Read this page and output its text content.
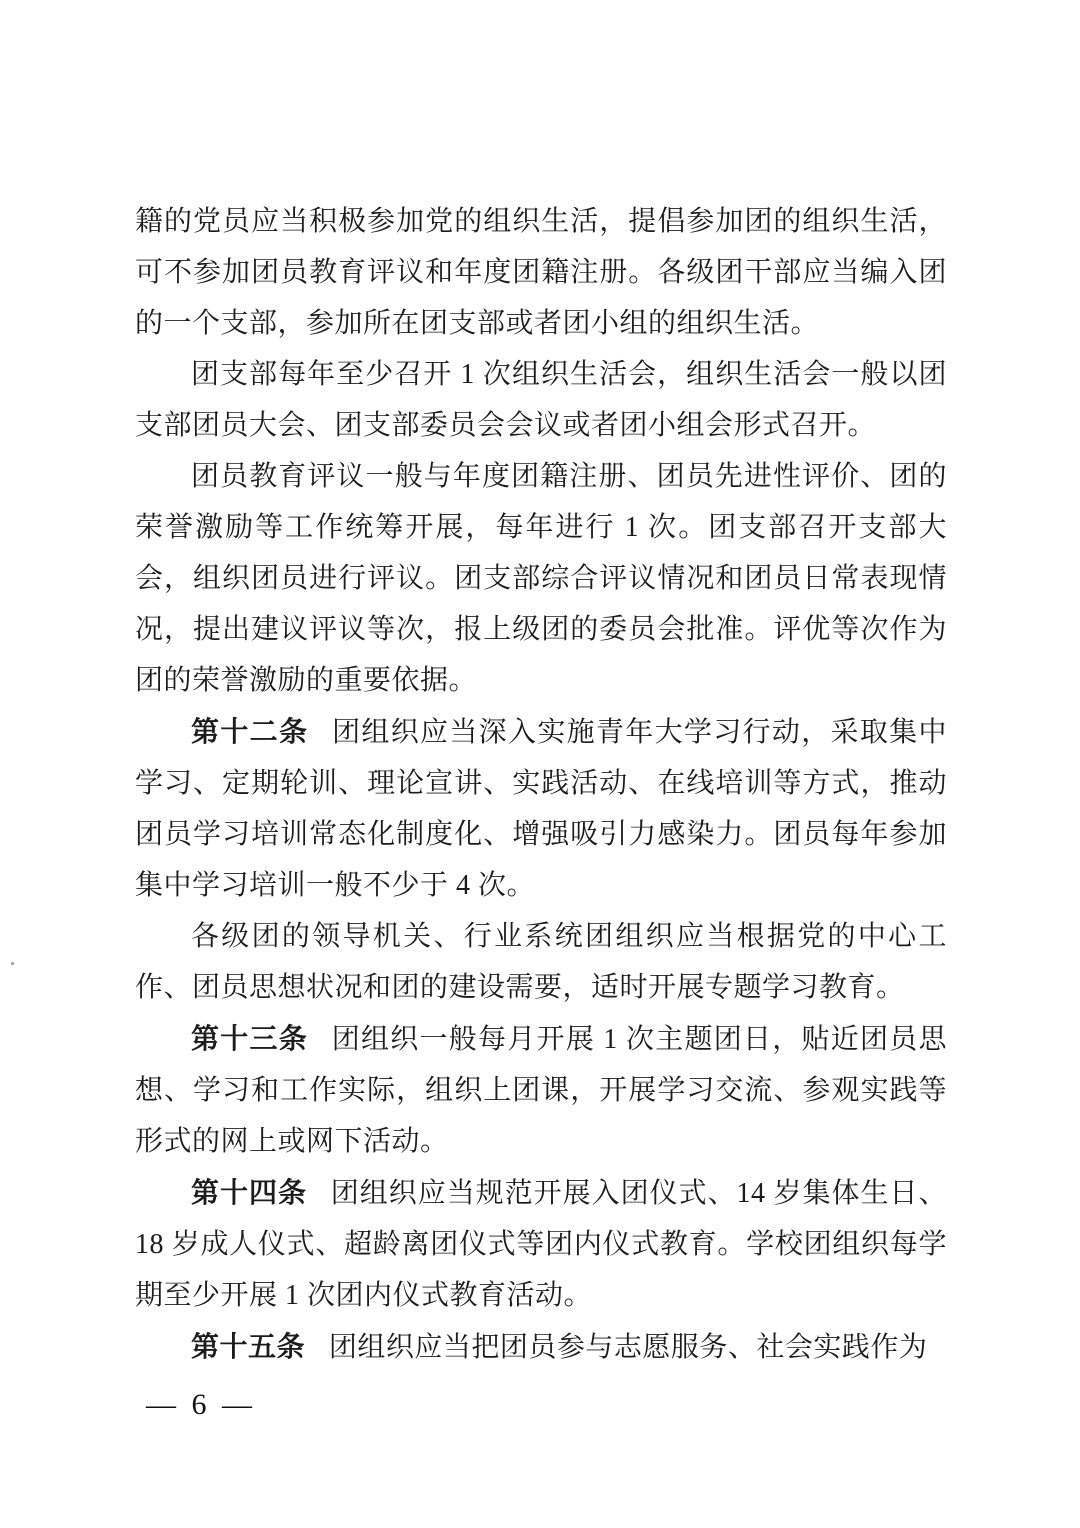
籍的党员应当积极参加党的组织生活，提倡参加团的组织生活，可不参加团员教育评议和年度团籍注册。各级团干部应当编入团的一个支部，参加所在团支部或者团小组的组织生活。

团支部每年至少召开 1 次组织生活会，组织生活会一般以团支部团员大会、团支部委员会会议或者团小组会形式召开。

团员教育评议一般与年度团籍注册、团员先进性评价、团的荣誉激励等工作统筹开展，每年进行 1 次。团支部召开支部大会，组织团员进行评议。团支部综合评议情况和团员日常表现情况，提出建议评议等次，报上级团的委员会批准。评优等次作为团的荣誉激励的重要依据。

第十二条 团组织应当深入实施青年大学习行动，采取集中学习、定期轮训、理论宣讲、实践活动、在线培训等方式，推动团员学习培训常态化制度化、增强吸引力感染力。团员每年参加集中学习培训一般不少于 4 次。

各级团的领导机关、行业系统团组织应当根据党的中心工作、团员思想状况和团的建设需要，适时开展专题学习教育。

第十三条 团组织一般每月开展 1 次主题团日，贴近团员思想、学习和工作实际，组织上团课，开展学习交流、参观实践等形式的网上或网下活动。

第十四条 团组织应当规范开展入团仪式、14 岁集体生日、18 岁成人仪式、超龄离团仪式等团内仪式教育。学校团组织每学期至少开展 1 次团内仪式教育活动。

第十五条 团组织应当把团员参与志愿服务、社会实践作为

— 6 —
